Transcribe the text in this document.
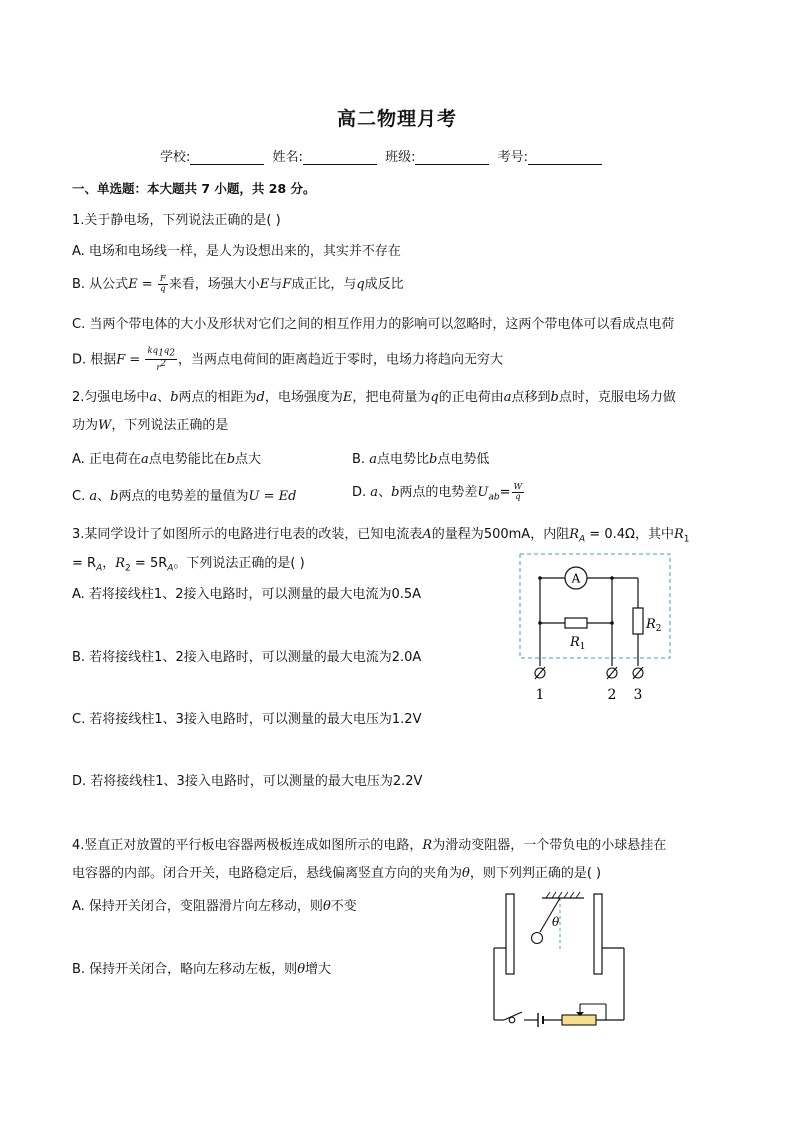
高二物理月考
学校:	姓名:	班级:	考号:
一、单选题：本大题共 7 小题，共 28 分。
1.关于静电场，下列说法正确的是( )
A. 电场和电场线一样，是人为设想出来的，其实并不存在
B. 从公式$E = \frac{F}{q}$ 来看，场强大小E与F成正比，与q成反比
C. 当两个带电体的大小及形状对它们之间的相互作用力的影响可以忽略时，这两个带电体可以看成点电荷
D. 根据$F = \frac{kq_1q_2}{r^2}$ ，当两点电荷间的距离趋近于零时，电场力将趋向无穷大
2.匀强电场中a、b两点的相距为d，电场强度为E，把电荷量为q的正电荷由a点移到b点时，克服电场力做
功为W，下列说法正确的是
A. 正电荷在a点电势能比在b点大	B. a点电势比b点电势低
C. a、b两点的电势差的量值为U = Ed	D. a、b两点的电势差$U_{ab}= \frac{W}{q}$
3.某同学设计了如图所示的电路进行电表的改装，已知电流表A的量程为500mA，内阻$R_A = 0.4\Omega$，其中$R_1$
= $R_A$，$R_2 = 5R_A$。下列说法正确的是( )
A. 若将接线柱1、2接入电路时，可以测量的最大电流为0.5A
B. 若将接线柱1、2接入电路时，可以测量的最大电流为2.0A
C. 若将接线柱1、3接入电路时，可以测量的最大电压为1.2V
D. 若将接线柱1、3接入电路时，可以测量的最大电压为2.2V
A
$R_1$
$R_2$
1	2 3
4.竖直正对放置的平行板电容器两极板连成如图所示的电路，R为滑动变阻器，一个带负电的小球悬挂在
电容器的内部。闭合开关，电路稳定后，悬线偏离竖直方向的夹角为θ，则下列判正确的是( )
A. 保持开关闭合，变阻器滑片向左移动，则θ不变
B. 保持开关闭合，略向左移动左板，则θ增大
θ
